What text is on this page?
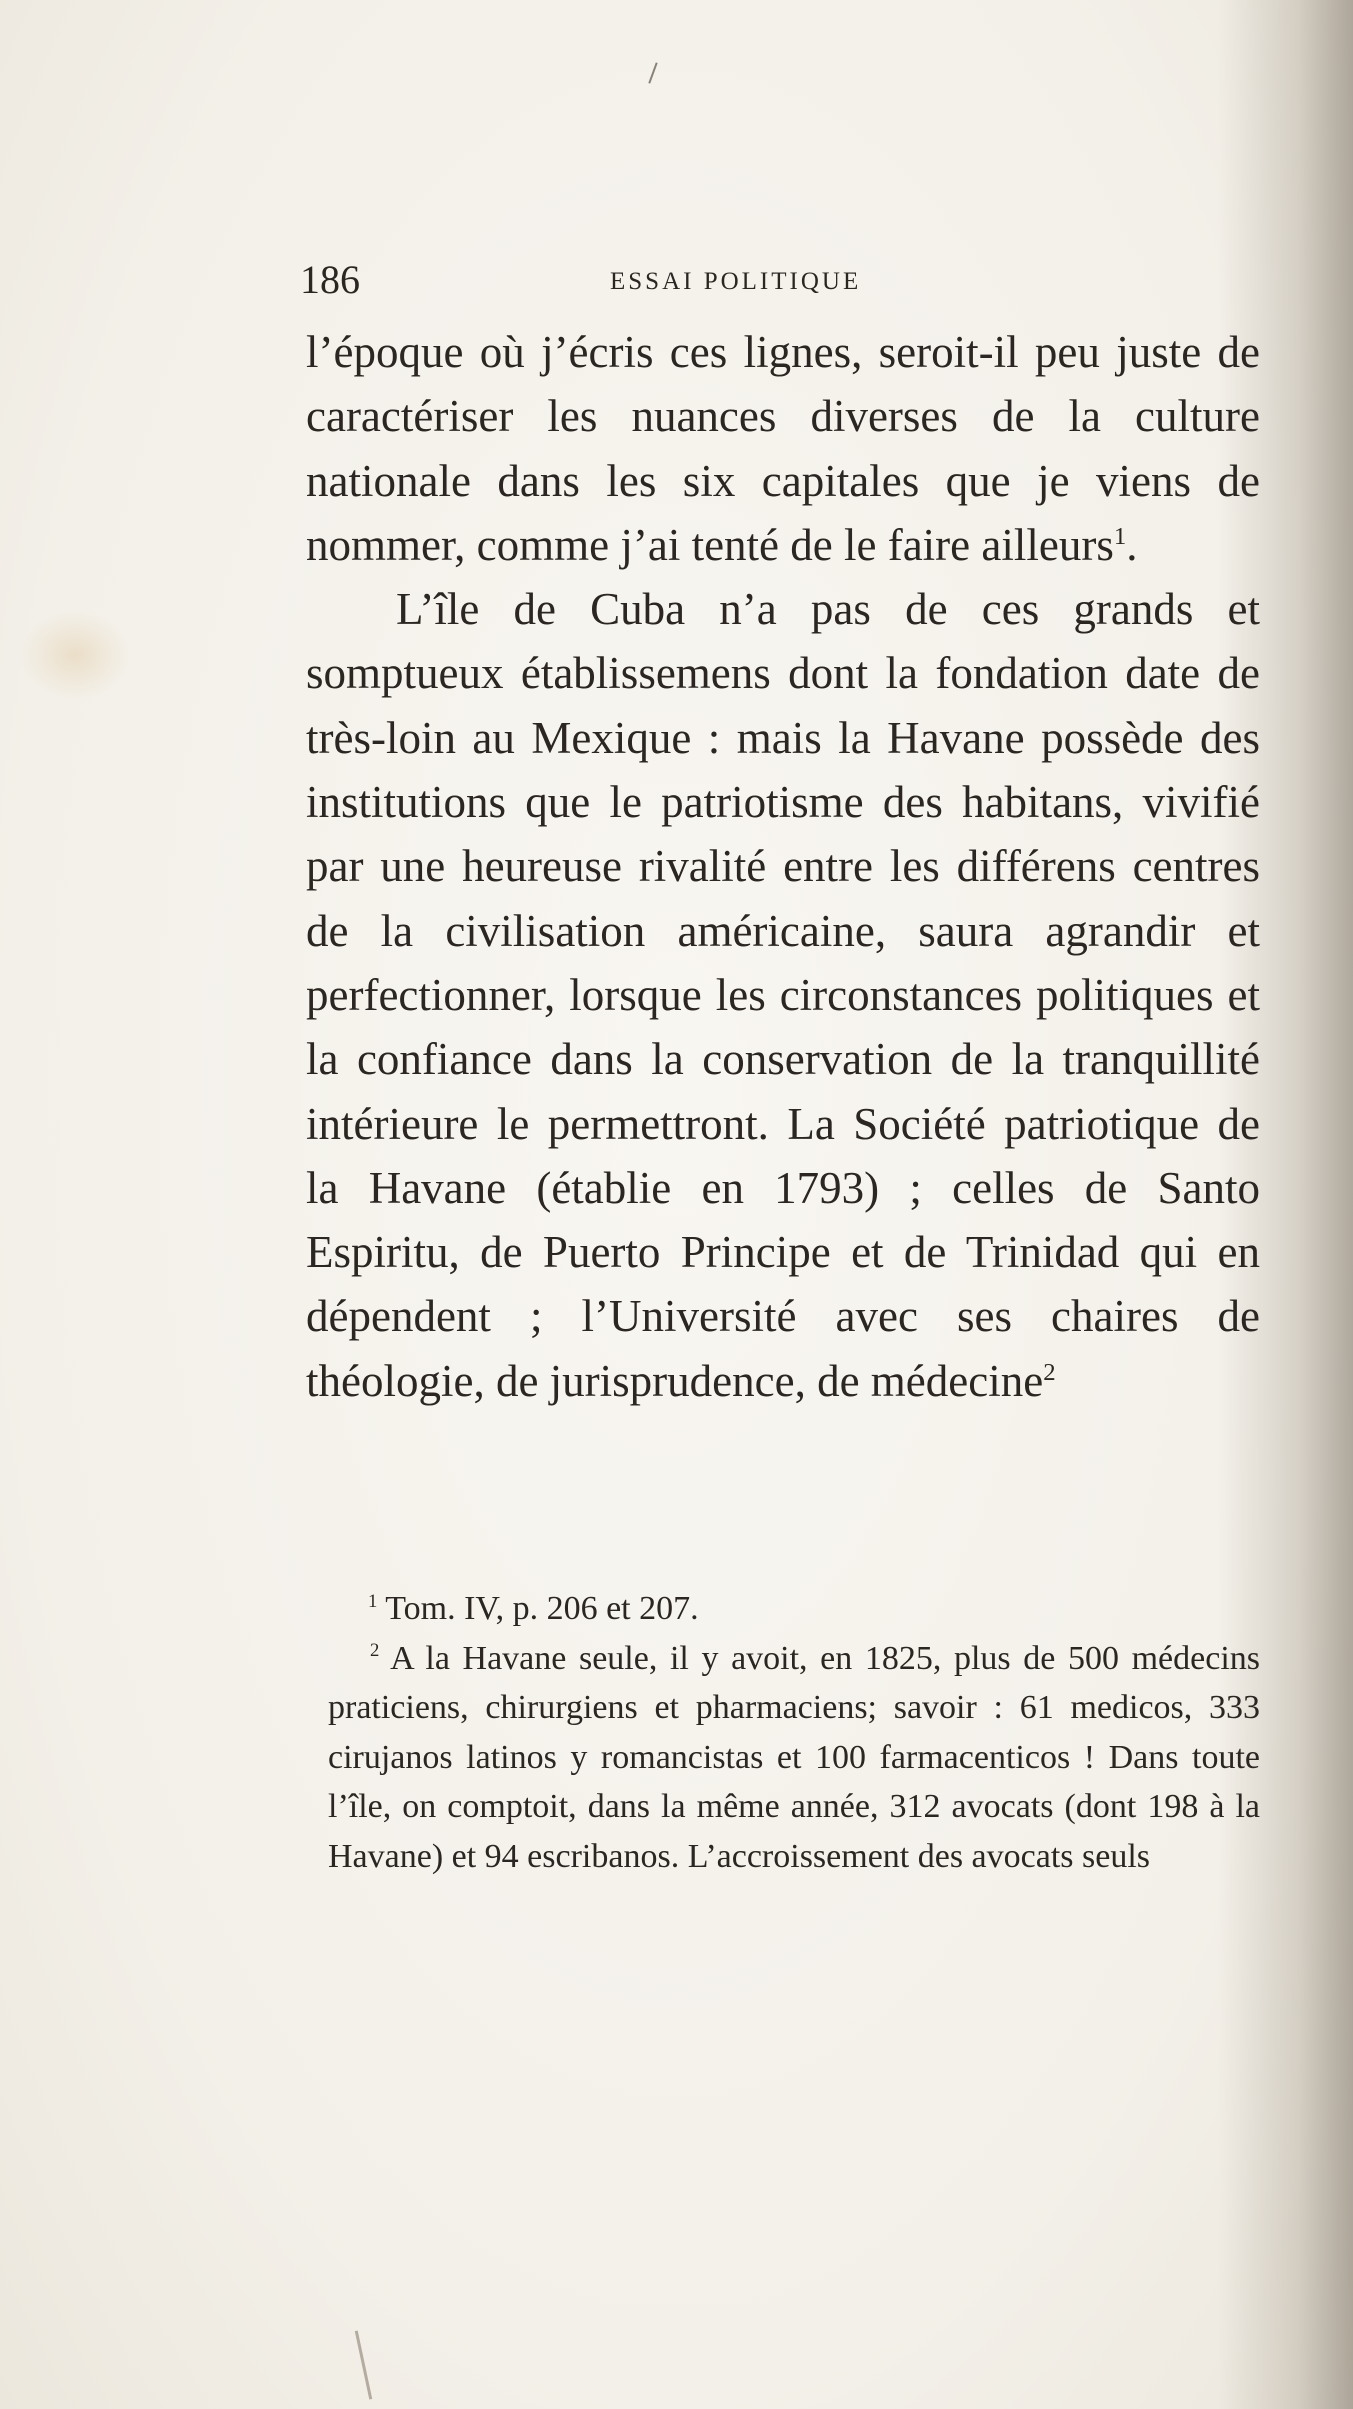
186	ESSAI POLITIQUE

l’époque où j’écris ces lignes, seroit-il peu juste de caractériser les nuances diverses de la culture nationale dans les six capitales que je viens de nommer, comme j’ai tenté de le faire ailleurs$^1$.

L’île de Cuba n’a pas de ces grands et somptueux établissemens dont la fondation date de très-loin au Mexique : mais la Havane possède des institutions que le patriotisme des habitans, vivifié par une heureuse rivalité entre les différens centres de la civilisation américaine, saura agrandir et perfectionner, lorsque les circonstances politiques et la confiance dans la conservation de la tranquillité intérieure le permettront. La Société patriotique de la Havane (établie en 1793) ; celles de Santo Espiritu, de Puerto Principe et de Trinidad qui en dépendent ; l’Université avec ses chaires de théologie, de jurisprudence, de médecine$^2$

$^1$ Tom. IV, p. 206 et 207.

$^2$ A la Havane seule, il y avoit, en 1825, plus de 500 médecins praticiens, chirurgiens et pharmaciens; savoir : 61 medicos, 333 cirujanos latinos y romancistas et 100 farmacenticos ! Dans toute l’île, on comptoit, dans la même année, 312 avocats (dont 198 à la Havane) et 94 escribanos. L’accroissement des avocats seuls
